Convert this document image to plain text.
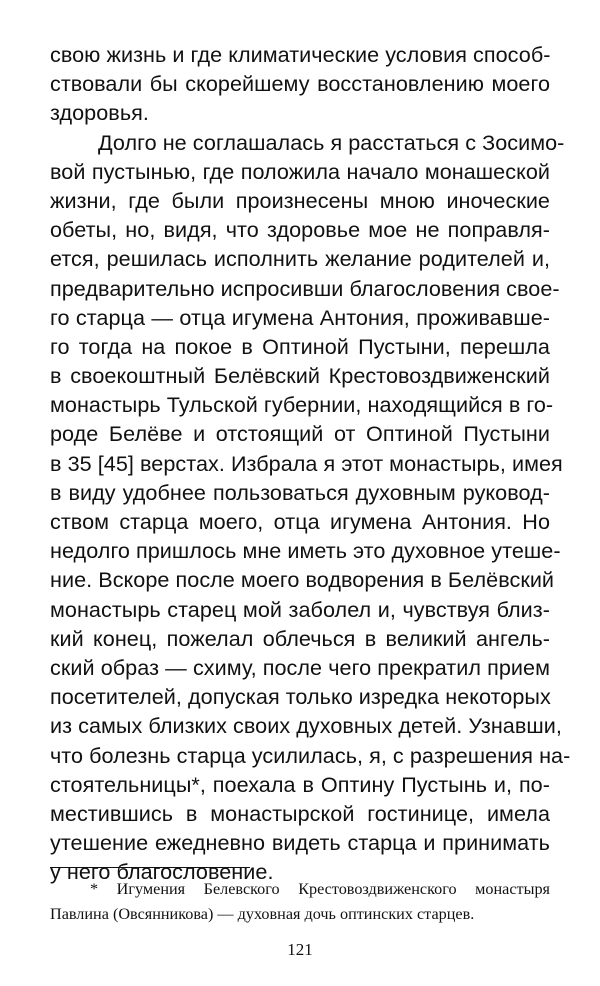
свою жизнь и где климатические условия способ-
ствовали бы скорейшему восстановлению моего
здоровья.
Долго не соглашалась я расстаться с Зосимо-
вой пустынью, где положила начало монашеской
жизни, где были произнесены мною иноческие
обеты, но, видя, что здоровье мое не поправля-
ется, решилась исполнить желание родителей и,
предварительно испросивши благословения свое-
го старца — отца игумена Антония, проживавше-
го тогда на покое в Оптиной Пустыни, перешла
в своекоштный Белёвский Крестовоздвиженский
монастырь Тульской губернии, находящийся в го-
роде Белёве и отстоящий от Оптиной Пустыни
в 35 [45] верстах. Избрала я этот монастырь, имея
в виду удобнее пользоваться духовным руковод-
ством старца моего, отца игумена Антония. Но
недолго пришлось мне иметь это духовное утеше-
ние. Вскоре после моего водворения в Белёвский
монастырь старец мой заболел и, чувствуя близ-
кий конец, пожелал облечься в великий ангель-
ский образ — схиму, после чего прекратил прием
посетителей, допуская только изредка некоторых
из самых близких своих духовных детей. Узнавши,
что болезнь старца усилилась, я, с разрешения на-
стоятельницы*, поехала в Оптину Пустынь и, по-
местившись в монастырской гостинице, имела
утешение ежедневно видеть старца и принимать
у него благословение.
* Игумения Белевского Крестовоздвиженского монастыря
Павлина (Овсянникова) — духовная дочь оптинских старцев.
121
